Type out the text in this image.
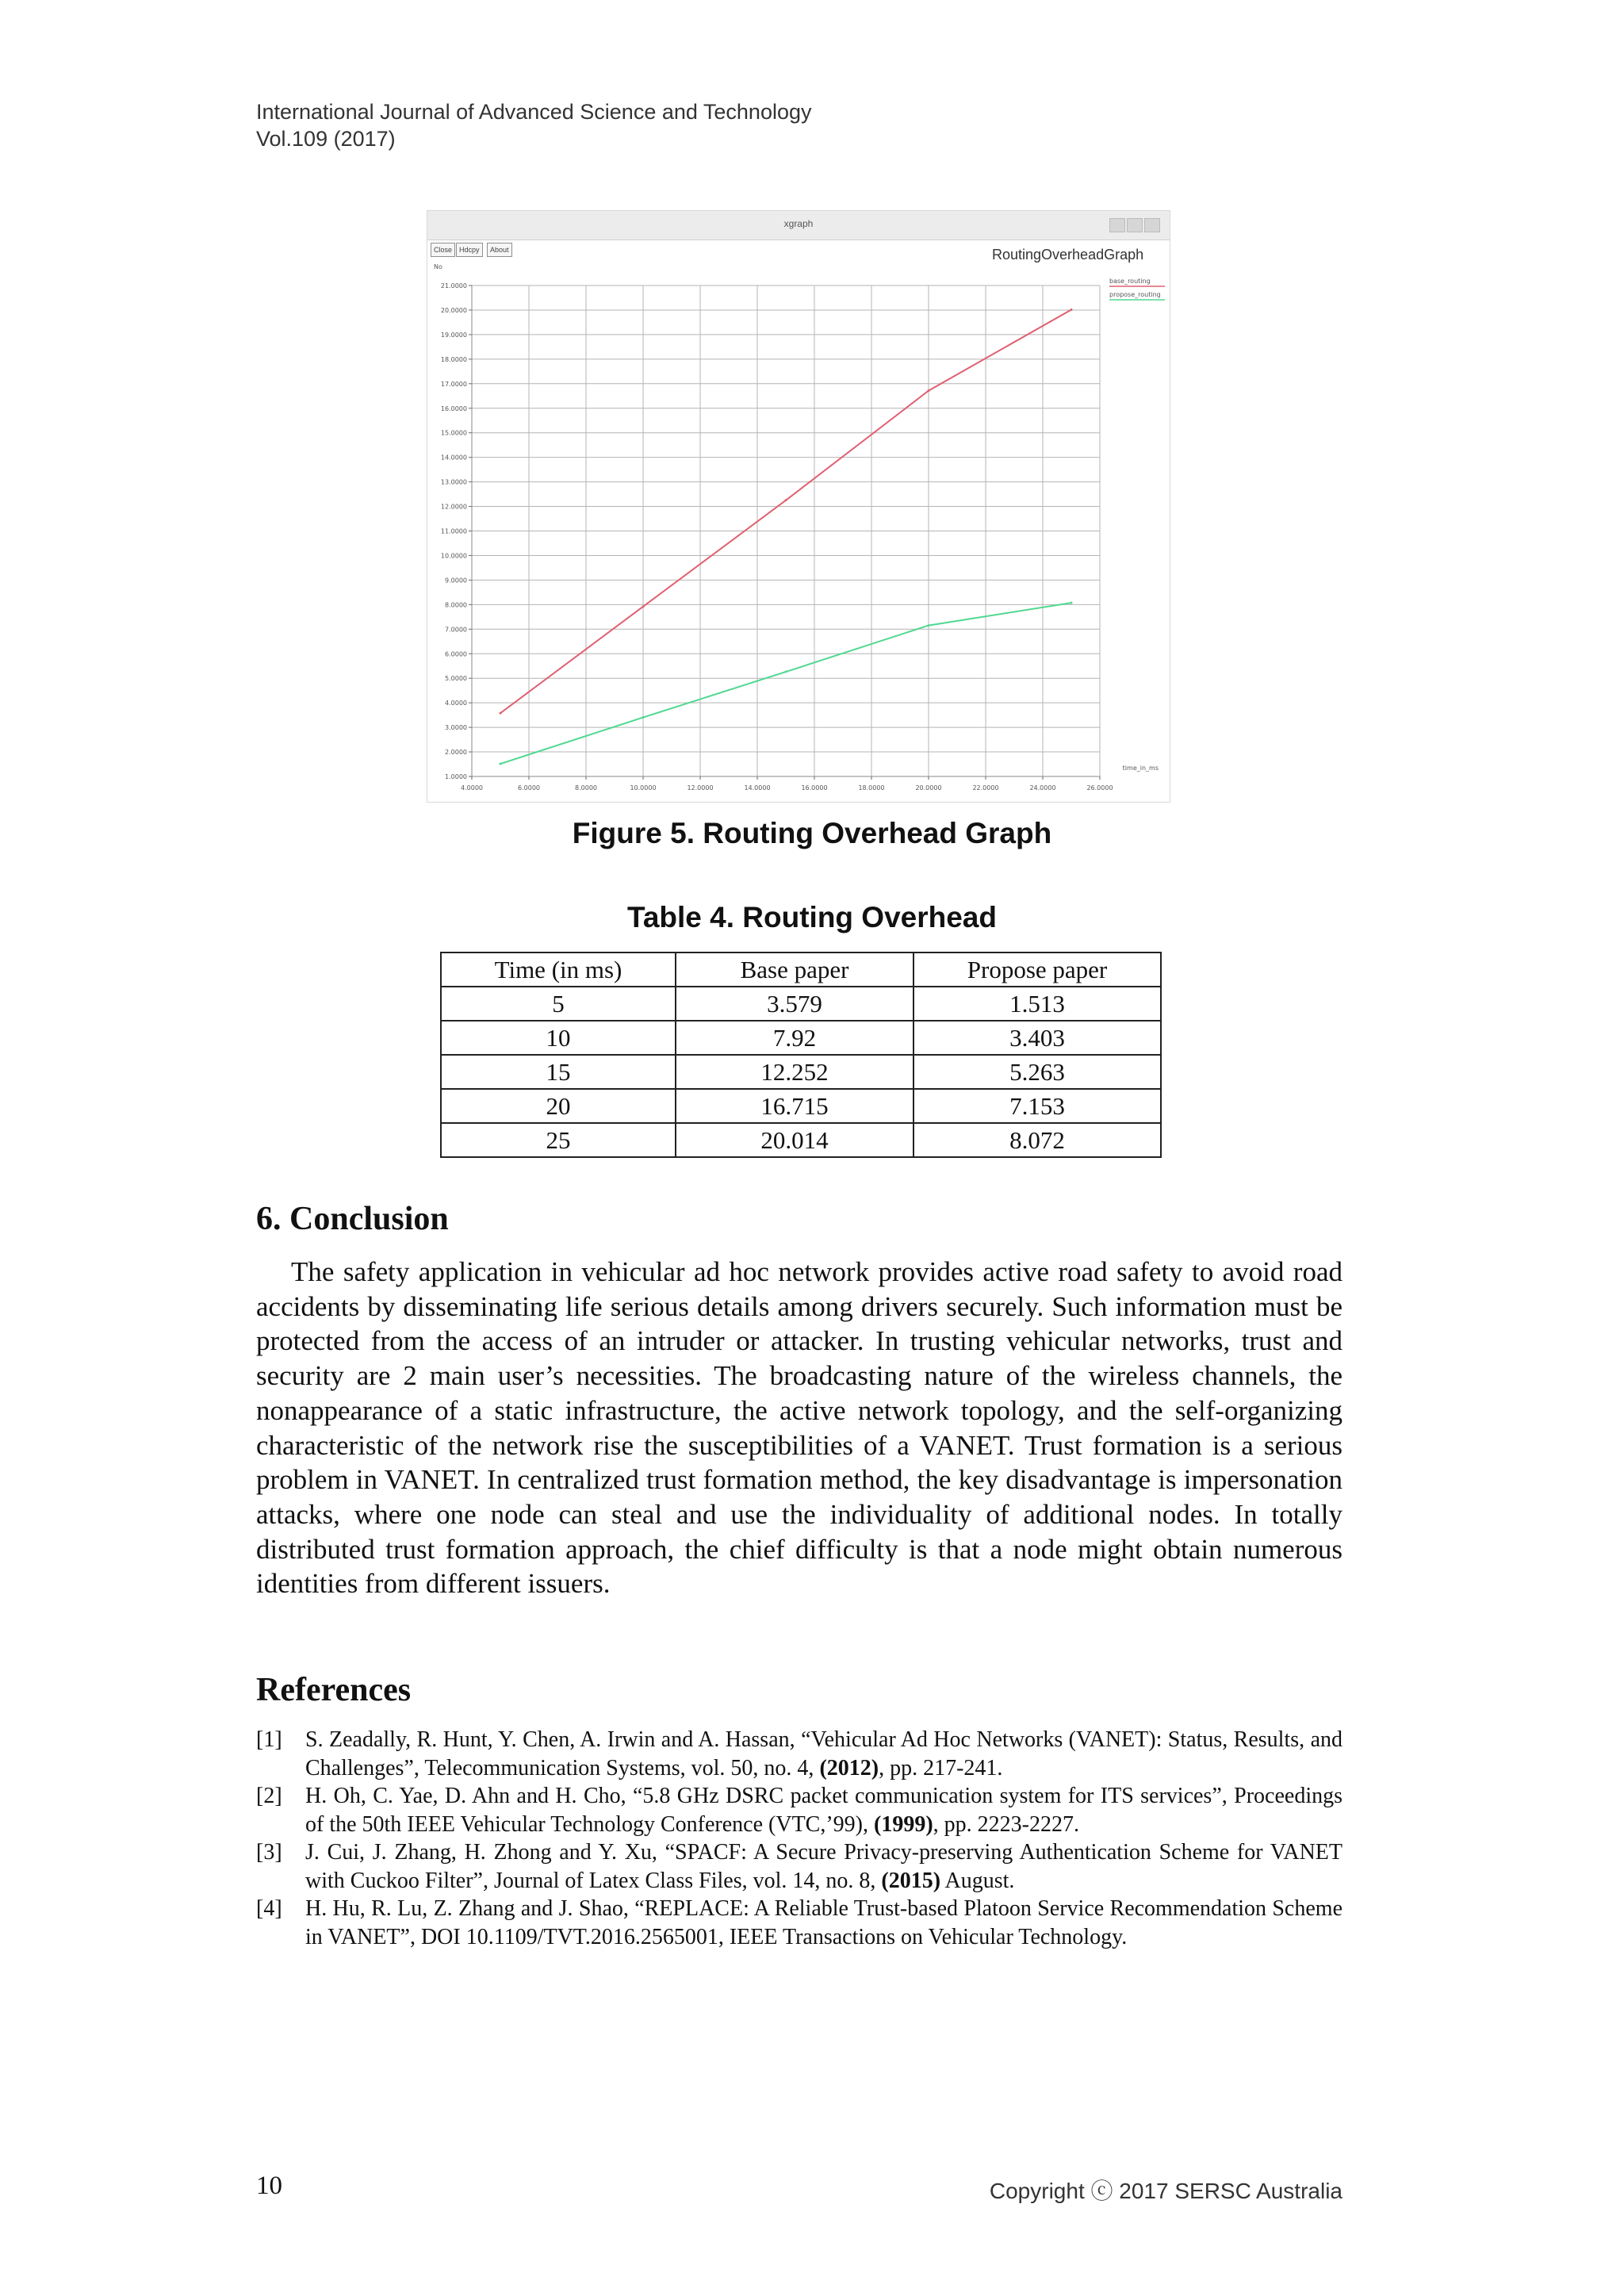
International Journal of Advanced Science and Technology
Vol.109 (2017)
xgraph
Close Hdcpy	About	RoutingOverheadGraph
1.0000
2.0000
3.0000
4.0000
5.0000
6.0000
7.0000
8.0000
9.0000
10.0000
11.0000
12.0000
13.0000
14.0000
15.0000
16.0000
17.0000
18.0000
19.0000
20.0000
21.0000
4.0000	6.0000	8.0000	10.0000	12.0000	14.0000	16.0000	18.0000	20.0000	22.0000	24.0000	26.0000
No
time_in_ms
base_routing
propose_routing
Figure 5. Routing Overhead Graph
Table 4. Routing Overhead
Time (in ms)	Base paper	Propose paper
5	3.579	1.513
10	7.92	3.403
15	12.252	5.263
20	16.715	7.153
25	20.014	8.072
6. Conclusion

The safety application in vehicular ad hoc network provides active road safety to avoid road accidents by disseminating life serious details among drivers securely. Such information must be protected from the access of an intruder or attacker. In trusting vehicular networks, trust and security are 2 main user’s necessities. The broadcasting nature of the wireless channels, the nonappearance of a static infrastructure, the active network topology, and the self-organizing characteristic of the network rise the susceptibilities of a VANET. Trust formation is a serious problem in VANET. In centralized trust formation method, the key disadvantage is impersonation attacks, where one node can steal and use the individuality of additional nodes. In totally distributed trust formation approach, the chief difficulty is that a node might obtain numerous identities from different issuers.

References
[1] S. Zeadally, R. Hunt, Y. Chen, A. Irwin and A. Hassan, “Vehicular Ad Hoc Networks (VANET): Status, Results, and Challenges”, Telecommunication Systems, vol. 50, no. 4, (2012), pp. 217-241.
[2] H. Oh, C. Yae, D. Ahn and H. Cho, “5.8 GHz DSRC packet communication system for ITS services”, Proceedings of the 50th IEEE Vehicular Technology Conference (VTC,’99), (1999), pp. 2223-2227.
[3] J. Cui, J. Zhang, H. Zhong and Y. Xu, “SPACF: A Secure Privacy-preserving Authentication Scheme for VANET with Cuckoo Filter”, Journal of Latex Class Files, vol. 14, no. 8, (2015) August.
[4] H. Hu, R. Lu, Z. Zhang and J. Shao, “REPLACE: A Reliable Trust-based Platoon Service Recommendation Scheme in VANET”, DOI 10.1109/TVT.2016.2565001, IEEE Transactions on Vehicular Technology.
10	Copyright ⓒ 2017 SERSC Australia
